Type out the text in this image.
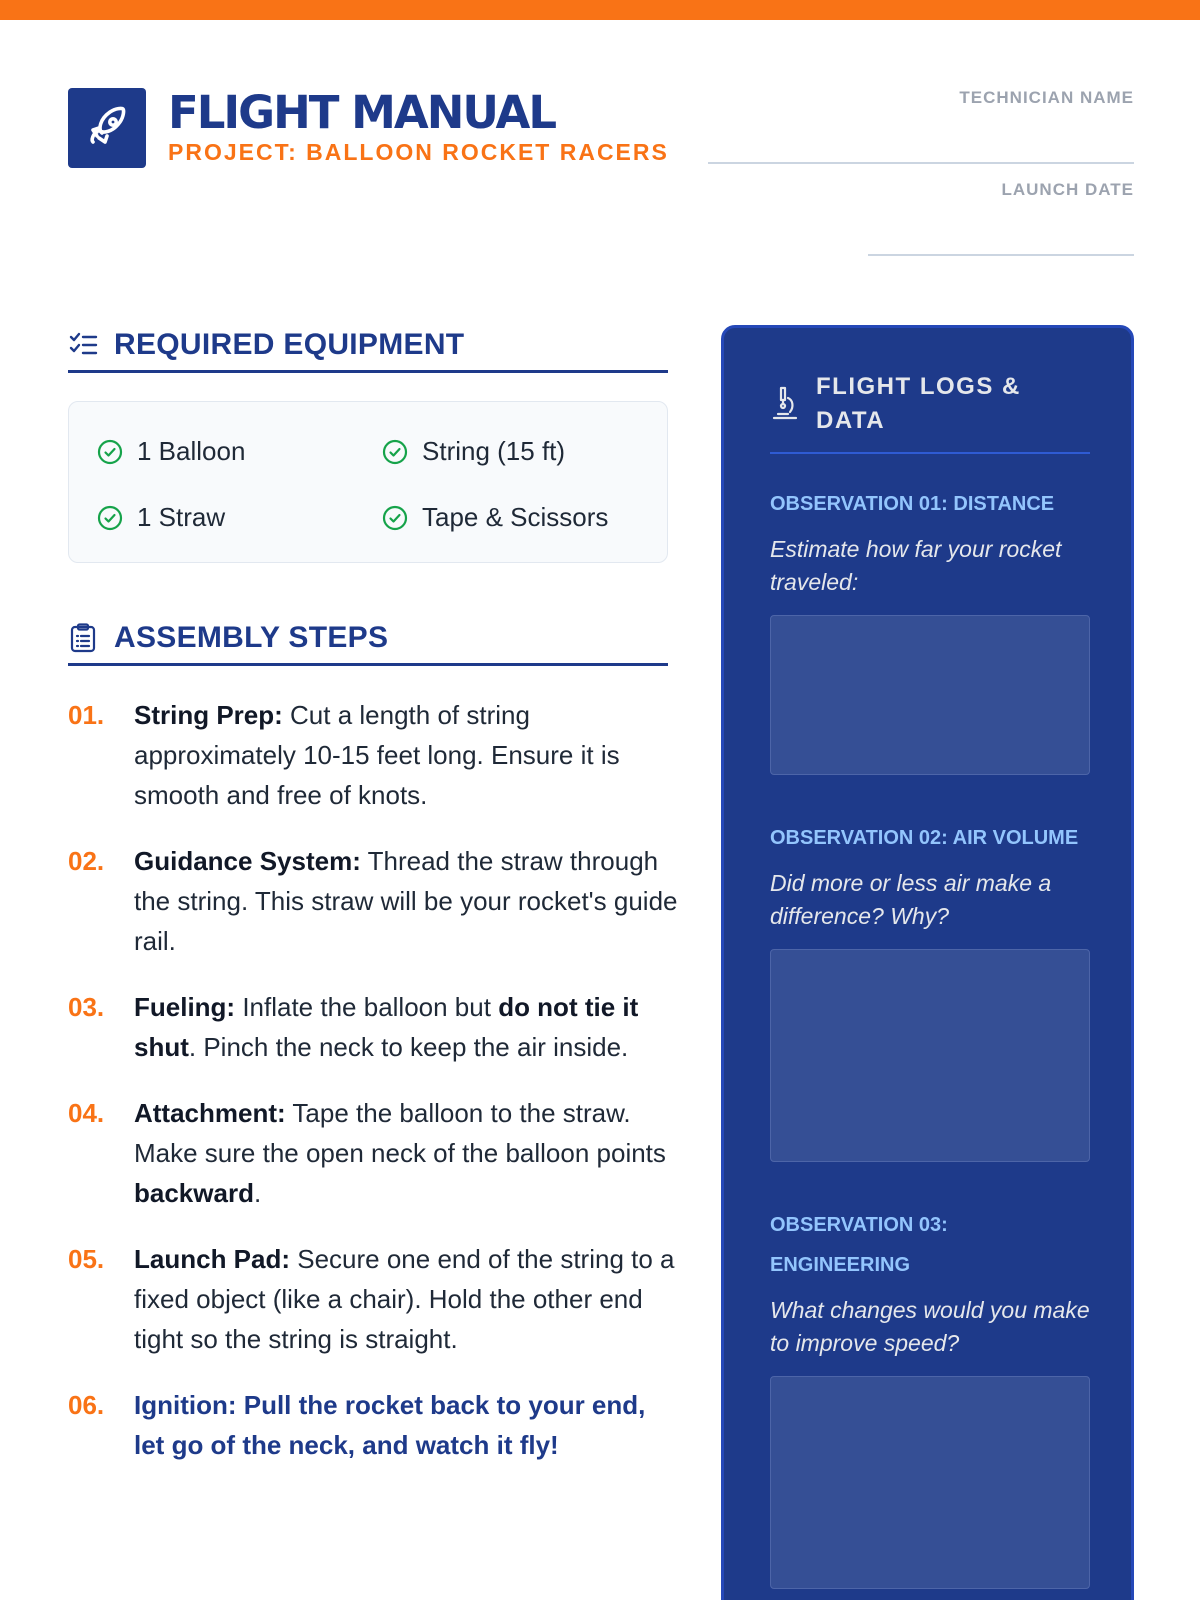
FLIGHT MANUAL
PROJECT: BALLOON ROCKET RACERS
TECHNICIAN NAME
LAUNCH DATE
REQUIRED EQUIPMENT
1 Balloon	String (15 ft)
1 Straw	Tape & Scissors
ASSEMBLY STEPS
01.	String Prep: Cut a length of string approximately 10-15 feet long. Ensure it is smooth and free of knots.
02.	Guidance System: Thread the straw through the string. This straw will be your rocket's guide rail.
03.	Fueling: Inflate the balloon but do not tie it shut. Pinch the neck to keep the air inside.
04.	Attachment: Tape the balloon to the straw. Make sure the open neck of the balloon points backward.
05.	Launch Pad: Secure one end of the string to a fixed object (like a chair). Hold the other end tight so the string is straight.
06.	Ignition: Pull the rocket back to your end, let go of the neck, and watch it fly!
FLIGHT LOGS & DATA
OBSERVATION 01: DISTANCE
Estimate how far your rocket traveled:
OBSERVATION 02: AIR VOLUME
Did more or less air make a difference? Why?
OBSERVATION 03: ENGINEERING
What changes would you make to improve speed?
